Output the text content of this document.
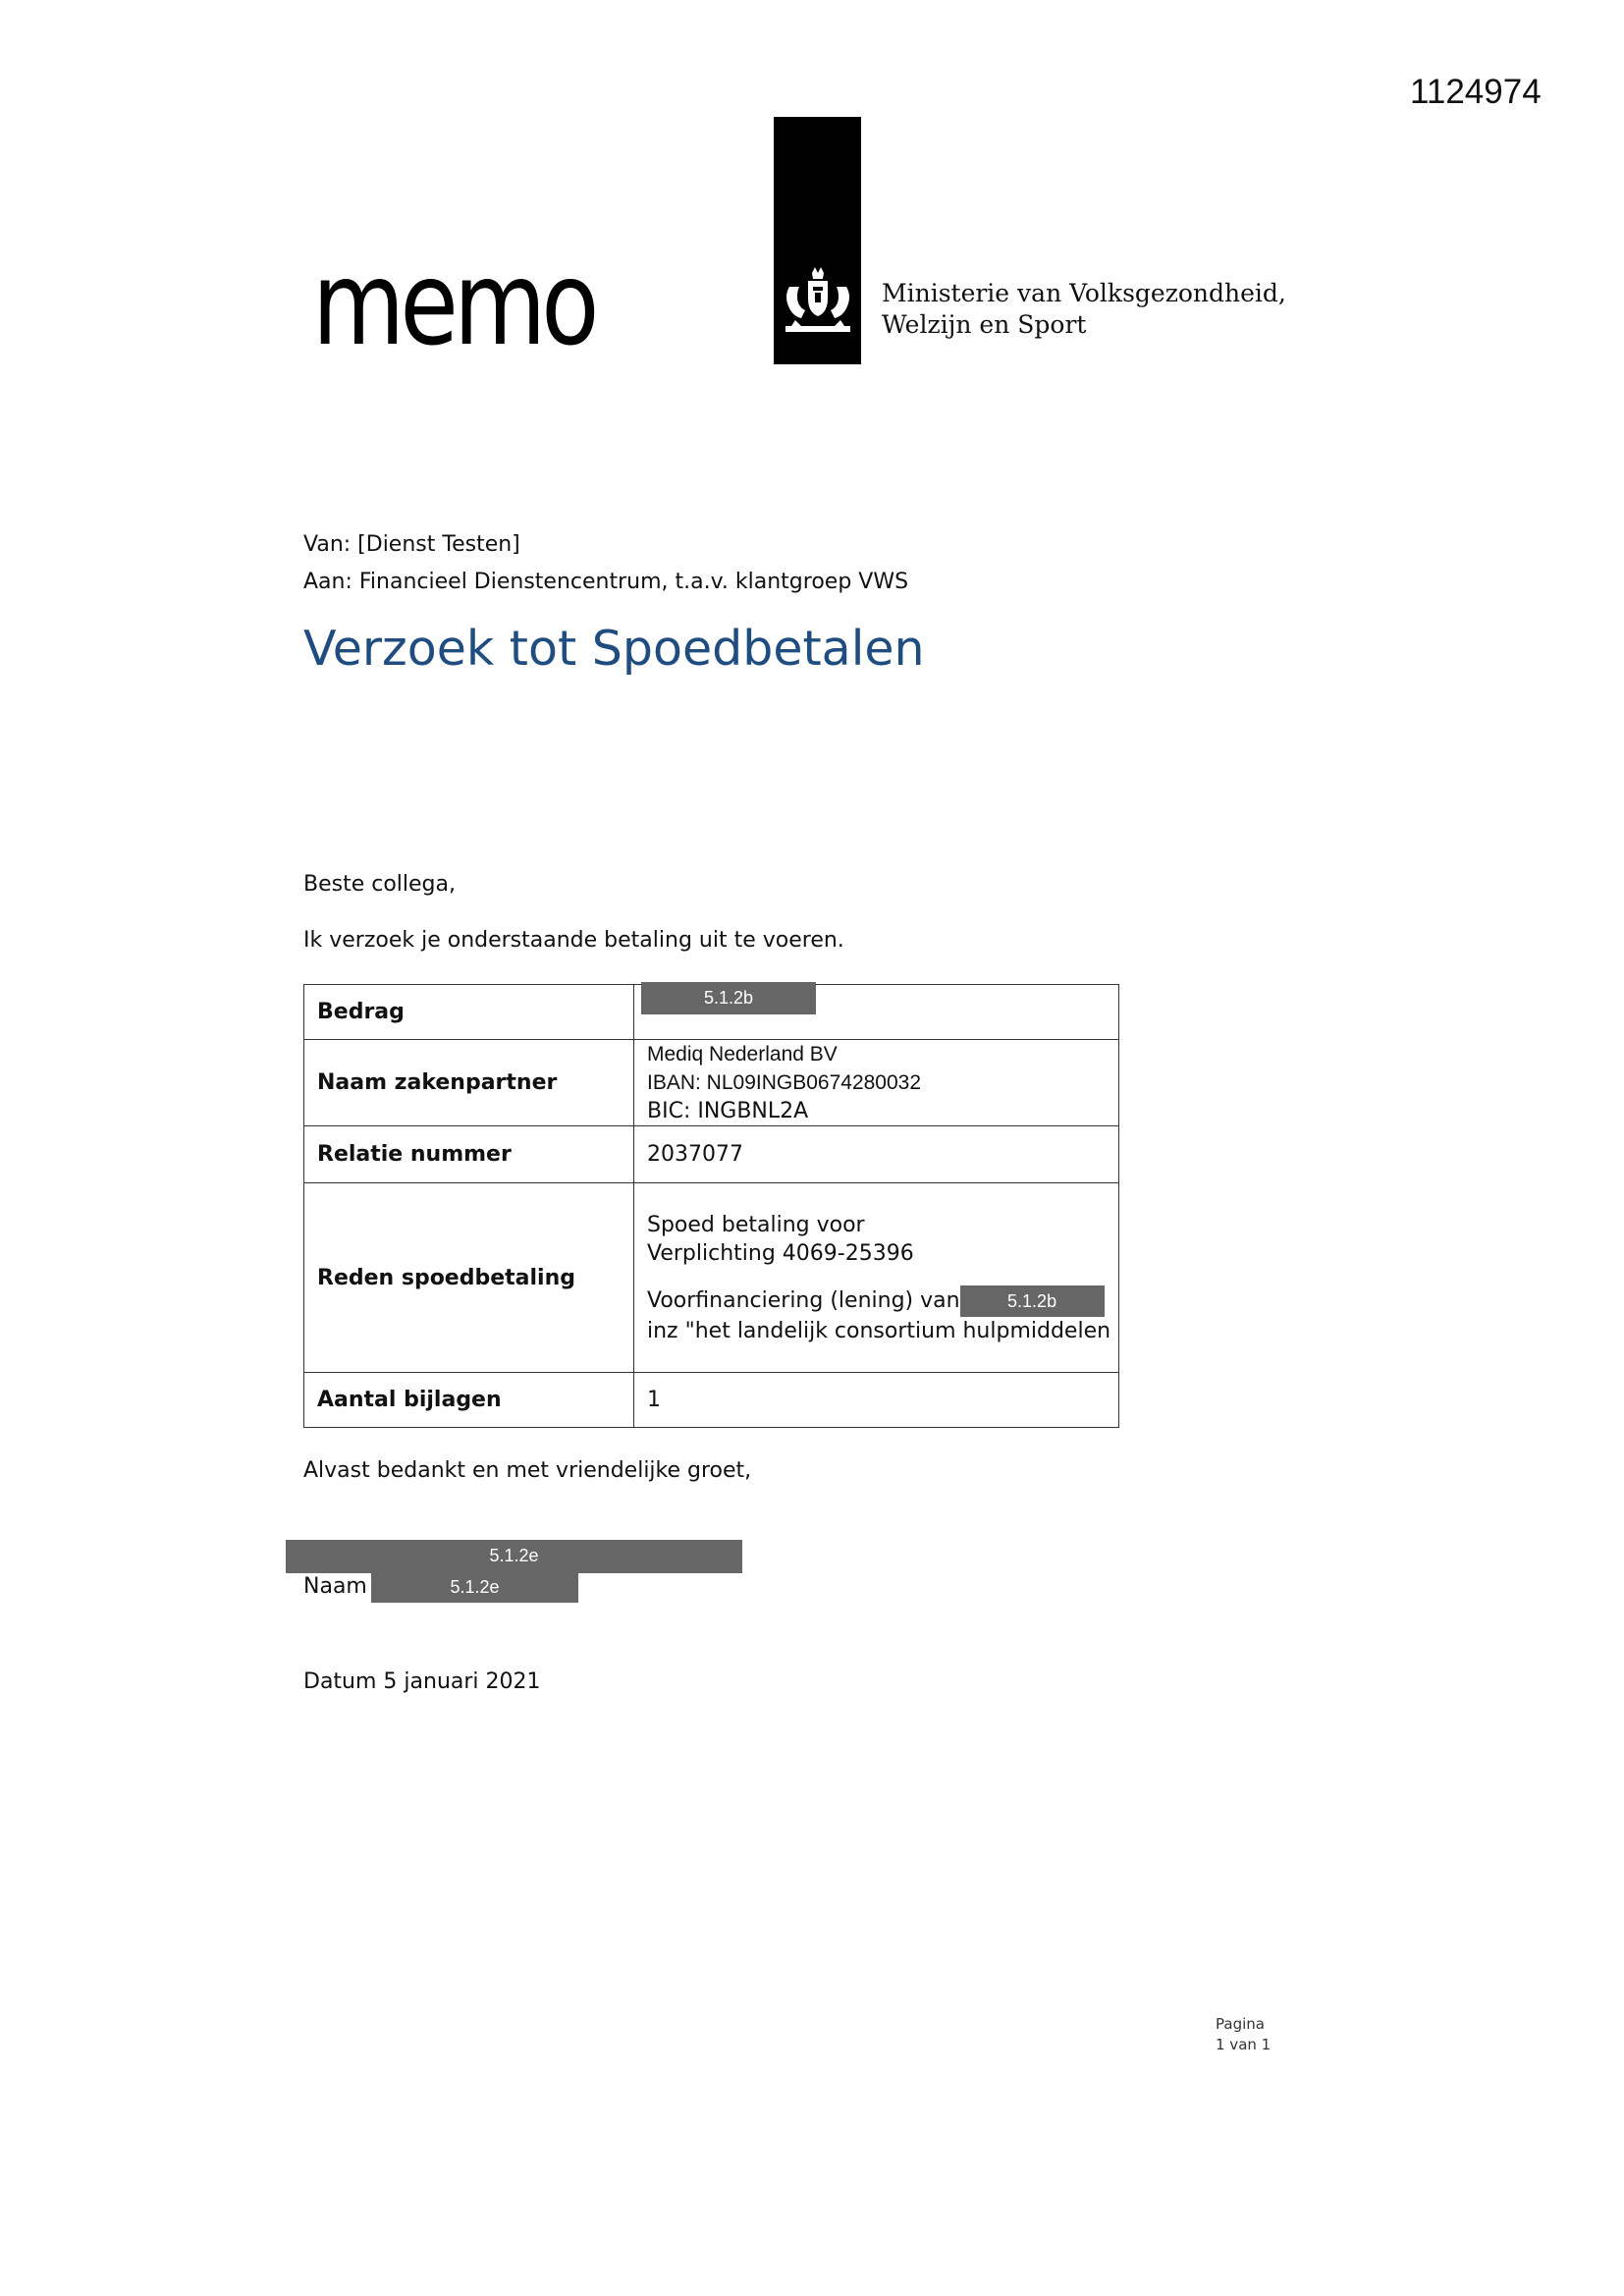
1124974
memo	Ministerie van Volksgezondheid,
Welzijn en Sport
Van: [Dienst Testen]
Aan: Financieel Dienstencentrum, t.a.v. klantgroep VWS
Verzoek tot Spoedbetalen
Beste collega,
Ik verzoek je onderstaande betaling uit te voeren.
Bedrag	5.1.2b
Naam zakenpartner	Mediq Nederland BV
IBAN: NL09INGB0674280032
BIC: INGBNL2A

Relatie nummer	2037077
Reden spoedbetaling	Spoed betaling voor
Verplichting 4069-25396
Voorfinanciering (lening) van 5.1.2b
inz "het landelijk consortium hulpmiddelen

Aantal bijlagen	1
Alvast bedankt en met vriendelijke groet,
5.1.2e
Naam	5.1.2e
Datum 5 januari 2021
Pagina
1 van 1
